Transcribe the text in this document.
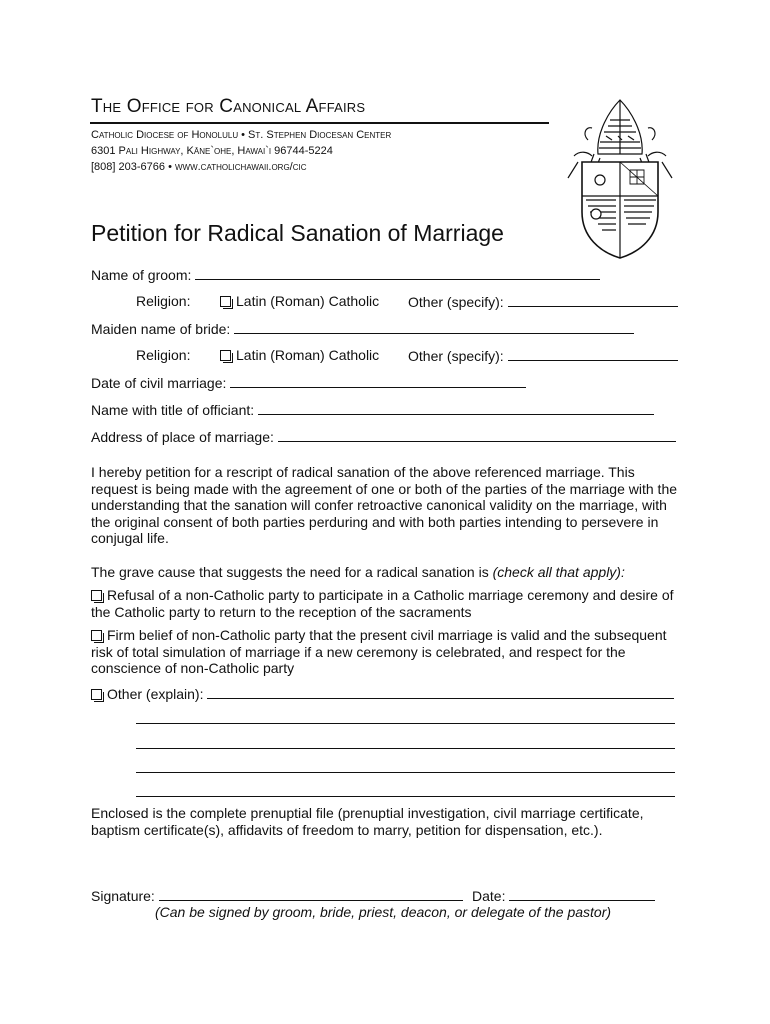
The Office for Canonical Affairs
Catholic Diocese of Honolulu • St. Stephen Diocesan Center
6301 Pali Highway, Kāne`ohe, Hawai`i 96744-5224
[808] 203-6766 • www.catholichawaii.org/cic
Petition for Radical Sanation of Marriage
Name of groom:
Religion:	Latin (Roman) Catholic Other (specify):
Maiden name of bride:
Religion:	Latin (Roman) Catholic Other (specify):
Date of civil marriage:
Name with title of officiant:
Address of place of marriage:
I hereby petition for a rescript of radical sanation of the above referenced marriage. This request is being made with the agreement of one or both of the parties of the marriage with the understanding that the sanation will confer retroactive canonical validity on the marriage, with the original consent of both parties perduring and with both parties intending to persevere in conjugal life.
The grave cause that suggests the need for a radical sanation is (check all that apply):
Refusal of a non-Catholic party to participate in a Catholic marriage ceremony and desire of the Catholic party to return to the reception of the sacraments
Firm belief of non-Catholic party that the present civil marriage is valid and the subsequent risk of total simulation of marriage if a new ceremony is celebrated, and respect for the conscience of non-Catholic party
Other (explain):
Enclosed is the complete prenuptial file (prenuptial investigation, civil marriage certificate, baptism certificate(s), affidavits of freedom to marry, petition for dispensation, etc.).
Signature:	Date:
(Can be signed by groom, bride, priest, deacon, or delegate of the pastor)
